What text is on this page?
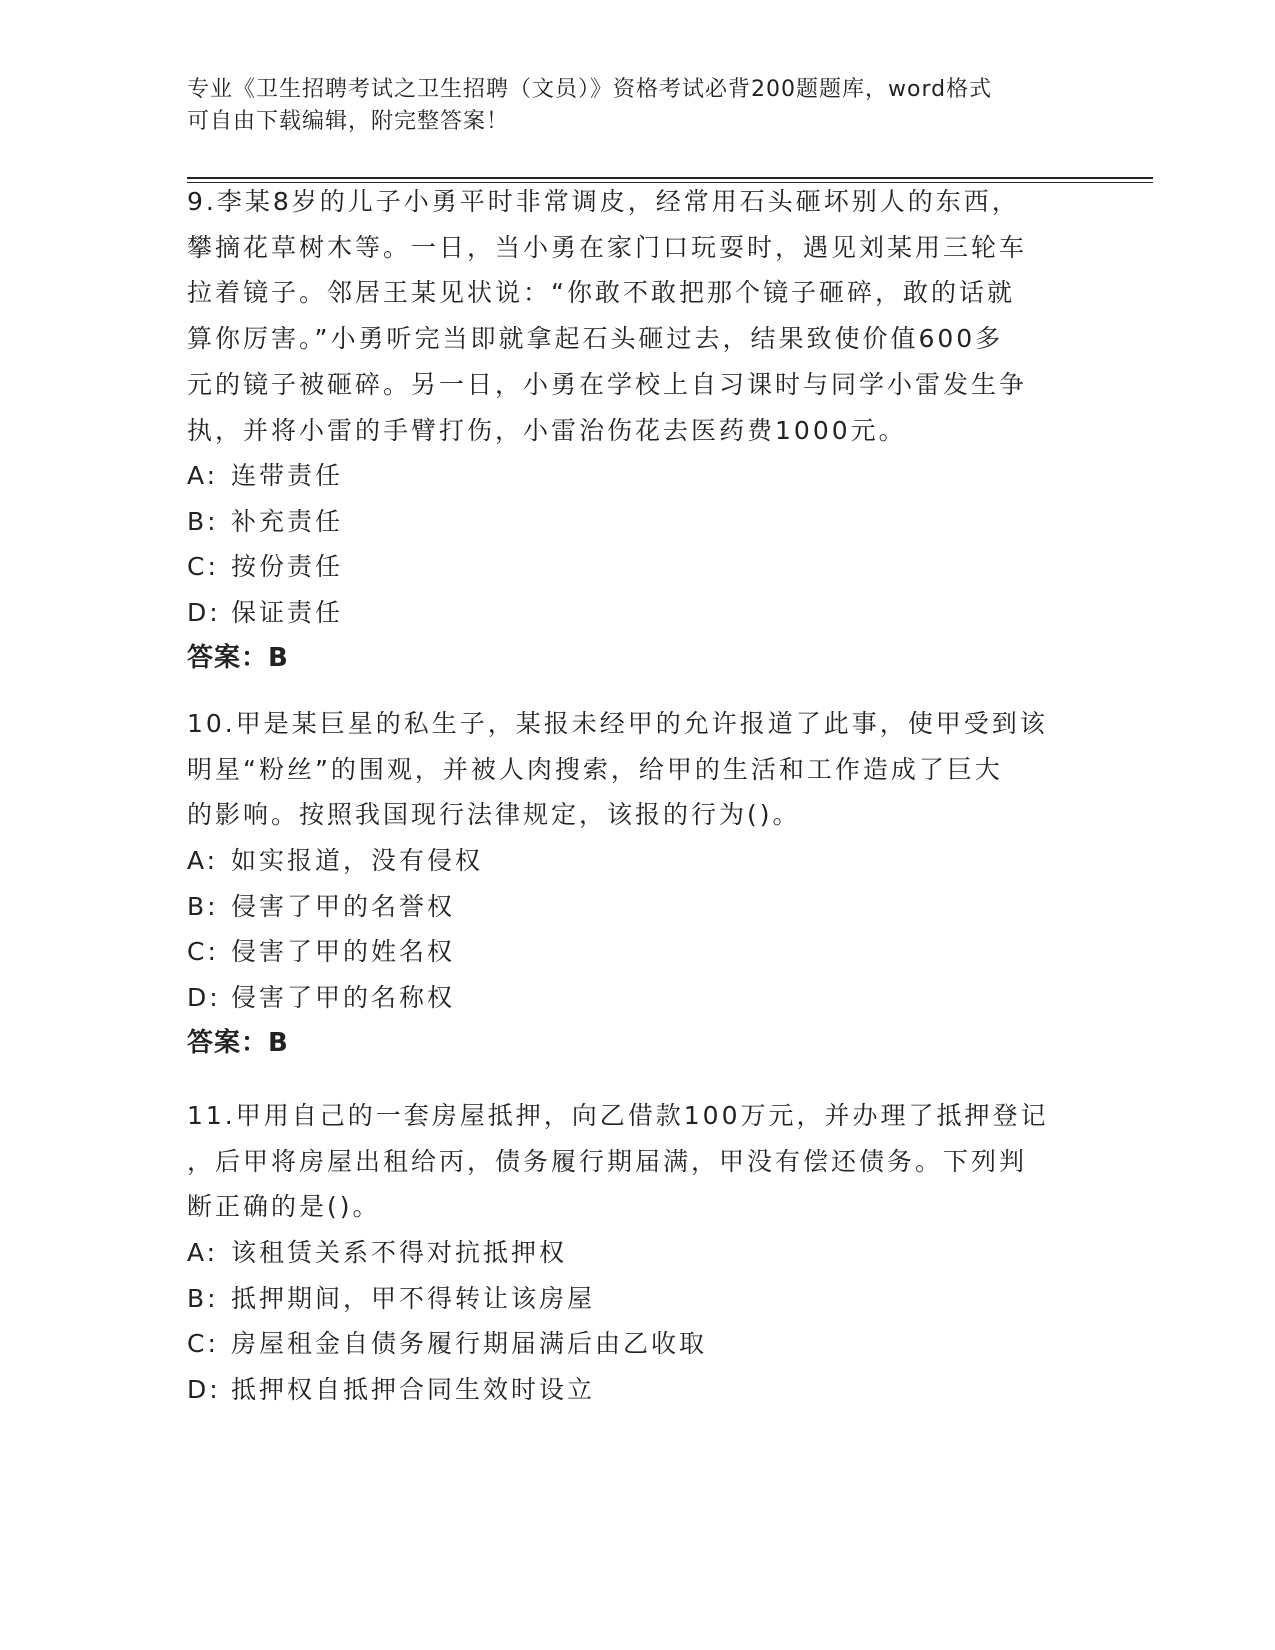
专业《卫生招聘考试之卫生招聘（文员）》资格考试必背200题题库，word格式
可自由下载编辑，附完整答案！
9.李某8岁的儿子小勇平时非常调皮，经常用石头砸坏别人的东西，
攀摘花草树木等。一日，当小勇在家门口玩耍时，遇见刘某用三轮车
拉着镜子。邻居王某见状说：“你敢不敢把那个镜子砸碎，敢的话就
算你厉害。”小勇听完当即就拿起石头砸过去，结果致使价值600多
元的镜子被砸碎。另一日，小勇在学校上自习课时与同学小雷发生争
执，并将小雷的手臂打伤，小雷治伤花去医药费1000元。
A: 连带责任
B: 补充责任
C: 按份责任
D: 保证责任
答案：B
10.甲是某巨星的私生子，某报未经甲的允许报道了此事，使甲受到该
明星“粉丝”的围观，并被人肉搜索，给甲的生活和工作造成了巨大
的影响。按照我国现行法律规定，该报的行为()。
A: 如实报道，没有侵权
B: 侵害了甲的名誉权
C: 侵害了甲的姓名权
D: 侵害了甲的名称权
答案：B
11.甲用自己的一套房屋抵押，向乙借款100万元，并办理了抵押登记
，后甲将房屋出租给丙，债务履行期届满，甲没有偿还债务。下列判
断正确的是()。
A: 该租赁关系不得对抗抵押权
B: 抵押期间，甲不得转让该房屋
C: 房屋租金自债务履行期届满后由乙收取
D: 抵押权自抵押合同生效时设立
